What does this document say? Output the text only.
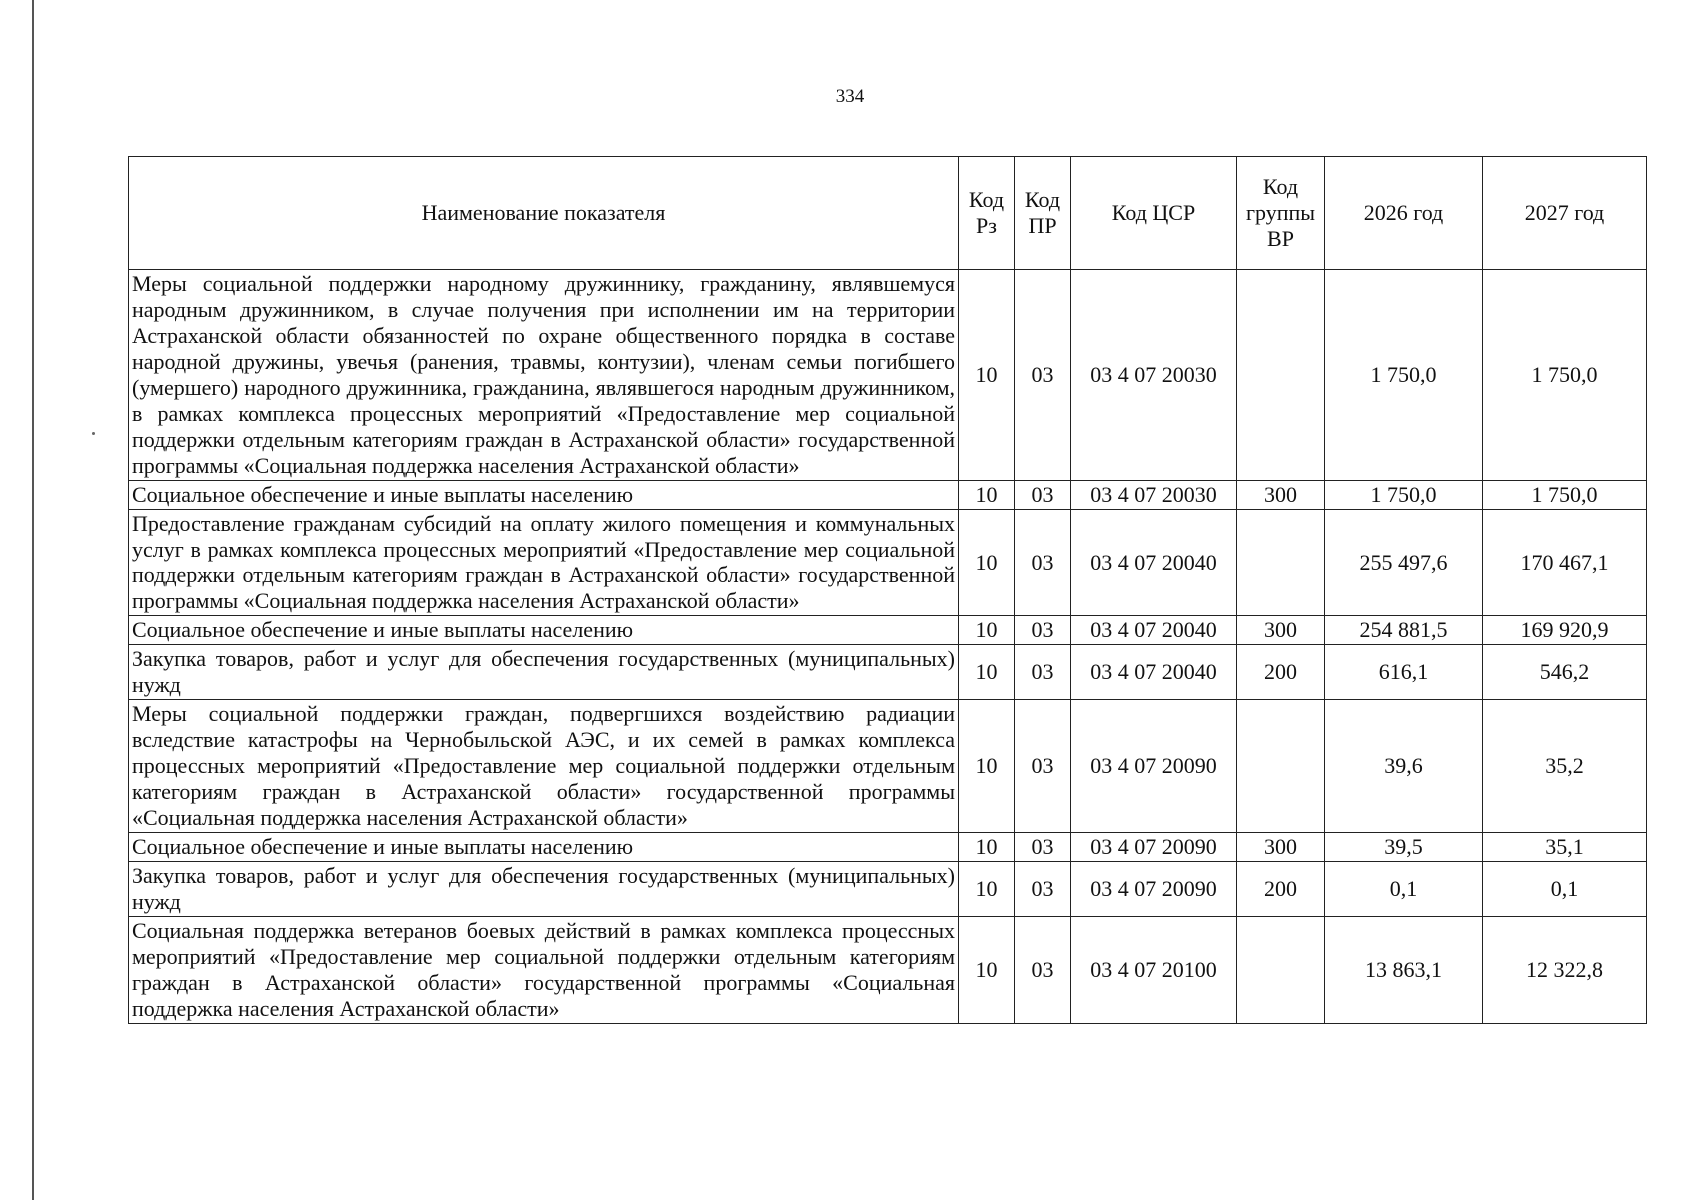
334
Наименование показателя	Код Рз	Код ПР	Код ЦСР	Код группы ВР	2026 год	2027 год
Меры социальной поддержки народному дружиннику, гражданину, являвшемуся народным дружинником, в случае получения при исполнении им на территории Астраханской области обязанностей по охране общественного порядка в составе народной дружины, увечья (ранения, травмы, контузии), членам семьи погибшего (умершего) народного дружинника, гражданина, являвшегося народным дружинником, в рамках комплекса процессных мероприятий «Предоставление мер социальной поддержки отдельным категориям граждан в Астраханской области» государственной программы «Социальная поддержка населения Астраханской области»	10	03	03 4 07 20030		1 750,0	1 750,0
Социальное обеспечение и иные выплаты населению	10	03	03 4 07 20030	300	1 750,0	1 750,0
Предоставление гражданам субсидий на оплату жилого помещения и коммунальных услуг в рамках комплекса процессных мероприятий «Предоставление мер социальной поддержки отдельным категориям граждан в Астраханской области» государственной программы «Социальная поддержка населения Астраханской области»	10	03	03 4 07 20040		255 497,6	170 467,1
Социальное обеспечение и иные выплаты населению	10	03	03 4 07 20040	300	254 881,5	169 920,9
Закупка товаров, работ и услуг для обеспечения государственных (муниципальных) нужд	10	03	03 4 07 20040	200	616,1	546,2
Меры социальной поддержки граждан, подвергшихся воздействию радиации вследствие катастрофы на Чернобыльской АЭС, и их семей в рамках комплекса процессных мероприятий «Предоставление мер социальной поддержки отдельным категориям граждан в Астраханской области» государственной программы «Социальная поддержка населения Астраханской области»	10	03	03 4 07 20090		39,6	35,2
Социальное обеспечение и иные выплаты населению	10	03	03 4 07 20090	300	39,5	35,1
Закупка товаров, работ и услуг для обеспечения государственных (муниципальных) нужд	10	03	03 4 07 20090	200	0,1	0,1
Социальная поддержка ветеранов боевых действий в рамках комплекса процессных мероприятий «Предоставление мер социальной поддержки отдельным категориям граждан в Астраханской области» государственной программы «Социальная поддержка населения Астраханской области»	10	03	03 4 07 20100		13 863,1	12 322,8
